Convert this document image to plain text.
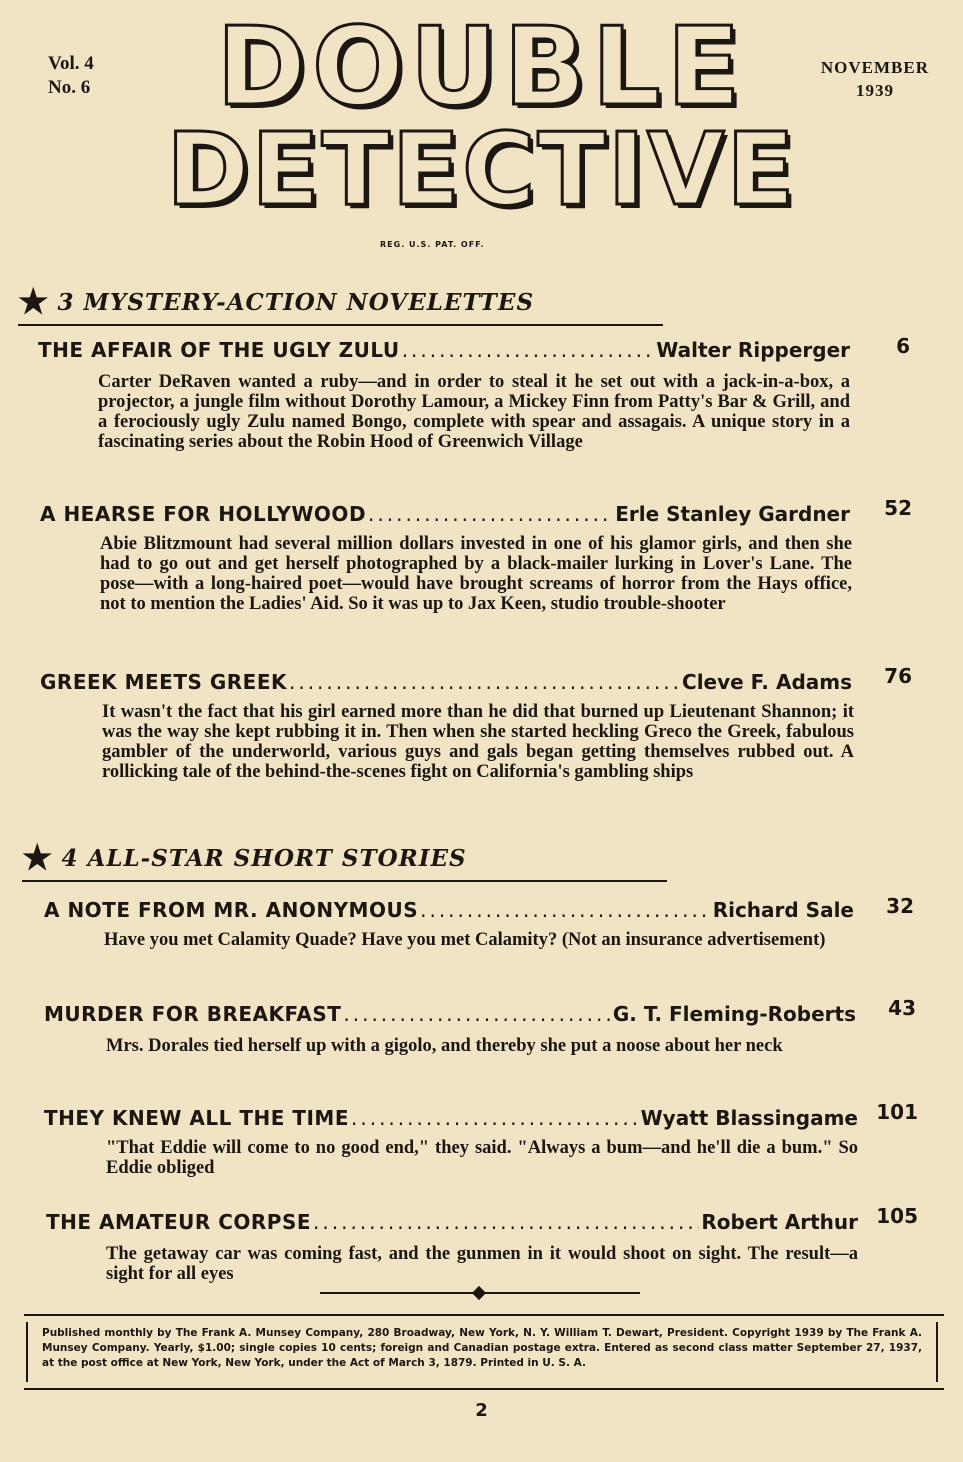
Vol. 4
No. 6
NOVEMBER
1939
DOUBLE
DETECTIVE
REG. U.S. PAT. OFF.
★ 3 MYSTERY-ACTION NOVELETTES
THE AFFAIR OF THE UGLY ZULU .....	Walter Ripperger	6
Carter DeRaven wanted a ruby—and in order to steal it he set out with a jack-in-a-box, a projector, a jungle film without Dorothy Lamour, a Mickey Finn from Patty's Bar & Grill, and a ferociously ugly Zulu named Bongo, complete with spear and assagais. A unique story in a fascinating series about the Robin Hood of Greenwich Village
A HEARSE FOR HOLLYWOOD .....	Erle Stanley Gardner	52
Abie Blitzmount had several million dollars invested in one of his glamor girls, and then she had to go out and get herself photographed by a black-mailer lurking in Lover's Lane. The pose—with a long-haired poet—would have brought screams of horror from the Hays office, not to mention the Ladies' Aid. So it was up to Jax Keen, studio trouble-shooter
GREEK MEETS GREEK .....	Cleve F. Adams	76
It wasn't the fact that his girl earned more than he did that burned up Lieutenant Shannon; it was the way she kept rubbing it in. Then when she started heckling Greco the Greek, fabulous gambler of the underworld, various guys and gals began getting themselves rubbed out. A rollicking tale of the behind-the-scenes fight on California's gambling ships
★ 4 ALL-STAR SHORT STORIES
A NOTE FROM MR. ANONYMOUS .....	Richard Sale	32
Have you met Calamity Quade? Have you met Calamity? (Not an insurance advertisement)
MURDER FOR BREAKFAST .....	G. T. Fleming-Roberts	43
Mrs. Dorales tied herself up with a gigolo, and thereby she put a noose about her neck
THEY KNEW ALL THE TIME .....	Wyatt Blassingame 101
"That Eddie will come to no good end," they said. "Always a bum—and he'll die a bum." So Eddie obliged
THE AMATEUR CORPSE .....	Robert Arthur 105
The getaway car was coming fast, and the gunmen in it would shoot on sight. The result—a sight for all eyes
Published monthly by The Frank A. Munsey Company, 280 Broadway, New York, N. Y. William T. Dewart, President. Copyright 1939 by The Frank A. Munsey Company. Yearly, $1.00; single copies 10 cents; foreign and Canadian postage extra. Entered as second class matter September 27, 1937, at the post office at New York, New York, under the Act of March 3, 1879. Printed in U. S. A.
2
